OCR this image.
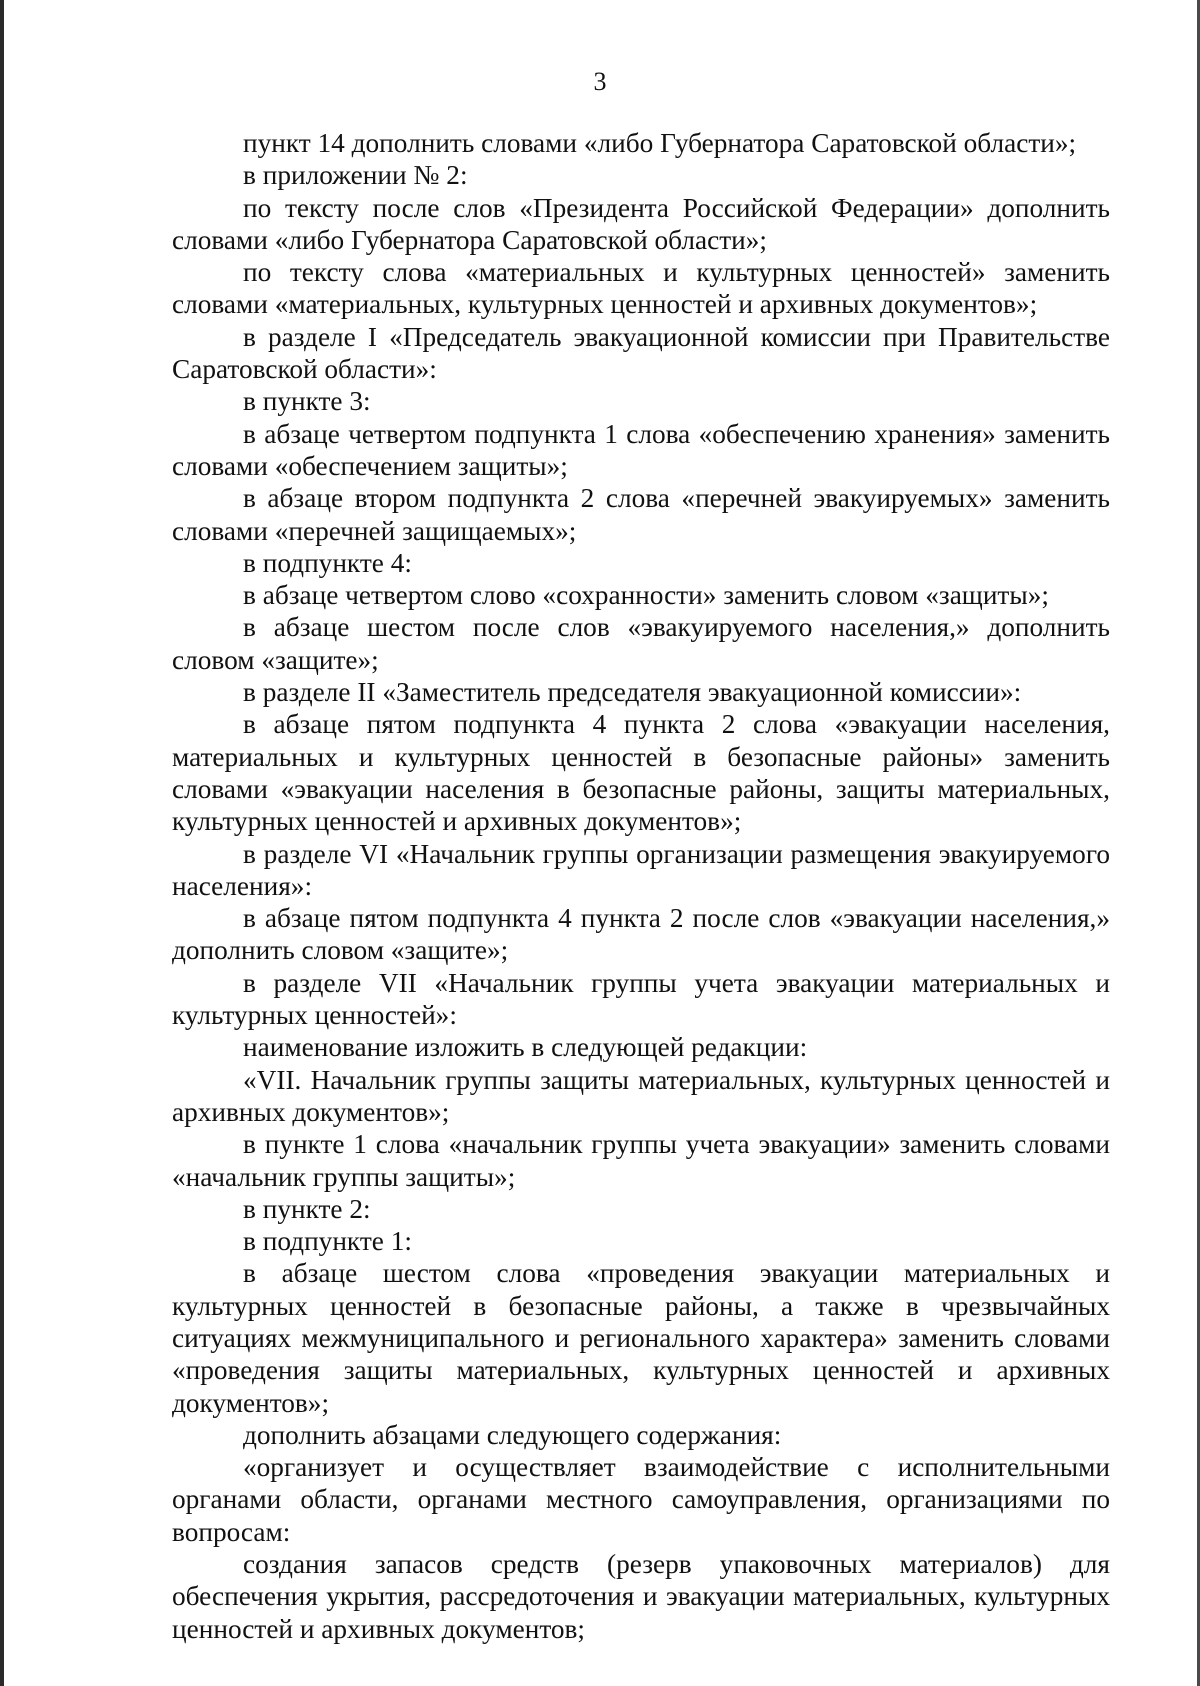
3

пункт 14 дополнить словами «либо Губернатора Саратовской области»;

в приложении № 2:

по тексту после слов «Президента Российской Федерации» дополнить словами «либо Губернатора Саратовской области»;

по тексту слова «материальных и культурных ценностей» заменить словами «материальных, культурных ценностей и архивных документов»;

в разделе I «Председатель эвакуационной комиссии при Правительстве Саратовской области»:

в пункте 3:

в абзаце четвертом подпункта 1 слова «обеспечению хранения» заменить словами «обеспечением защиты»;

в абзаце втором подпункта 2 слова «перечней эвакуируемых» заменить словами «перечней защищаемых»;

в подпункте 4:

в абзаце четвертом слово «сохранности» заменить словом «защиты»;

в абзаце шестом после слов «эвакуируемого населения,» дополнить словом «защите»;

в разделе II «Заместитель председателя эвакуационной комиссии»:

в абзаце пятом подпункта 4 пункта 2 слова «эвакуации населения, материальных и культурных ценностей в безопасные районы» заменить словами «эвакуации населения в безопасные районы, защиты материальных, культурных ценностей и архивных документов»;

в разделе VI «Начальник группы организации размещения эвакуируемого населения»:

в абзаце пятом подпункта 4 пункта 2 после слов «эвакуации населения,» дополнить словом «защите»;

в разделе VII «Начальник группы учета эвакуации материальных и культурных ценностей»:

наименование изложить в следующей редакции:

«VII. Начальник группы защиты материальных, культурных ценностей и архивных документов»;

в пункте 1 слова «начальник группы учета эвакуации» заменить словами «начальник группы защиты»;

в пункте 2:

в подпункте 1:

в абзаце шестом слова «проведения эвакуации материальных и культурных ценностей в безопасные районы, а также в чрезвычайных ситуациях межмуниципального и регионального характера» заменить словами «проведения защиты материальных, культурных ценностей и архивных документов»;

дополнить абзацами следующего содержания:

«организует и осуществляет взаимодействие с исполнительными органами области, органами местного самоуправления, организациями по вопросам:

создания запасов средств (резерв упаковочных материалов) для обеспечения укрытия, рассредоточения и эвакуации материальных, культурных ценностей и архивных документов;
